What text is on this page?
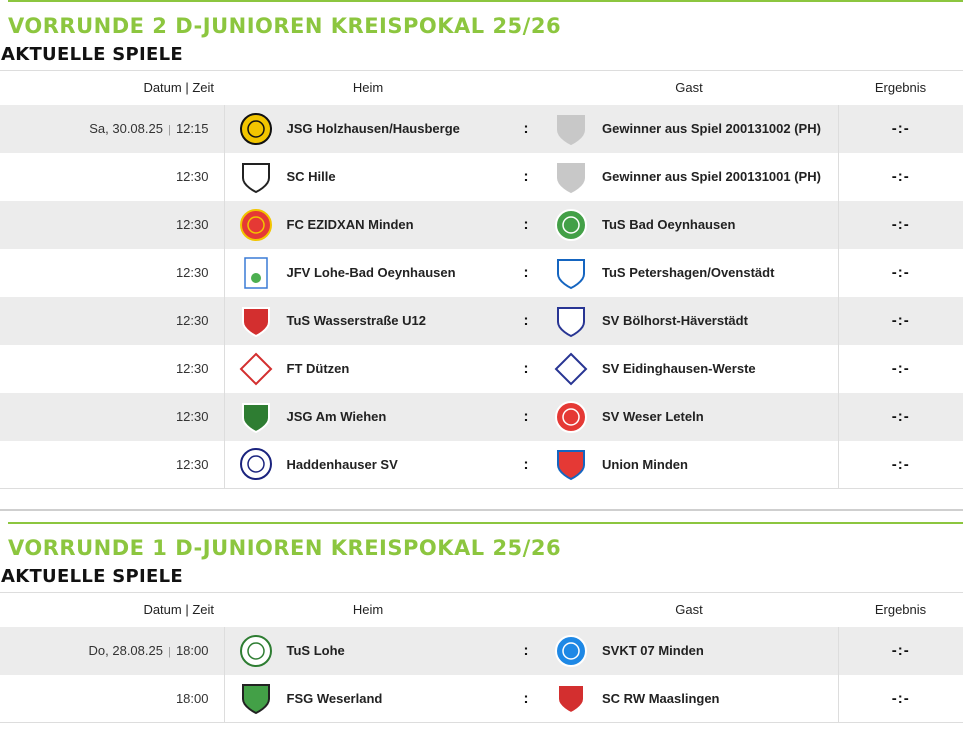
VORRUNDE 2 D-JUNIOREN KREISPOKAL 25/26
AKTUELLE SPIELE
Datum | Zeit	Heim		Gast	Ergebnis
Sa, 30.08.25 | 12:15	JSG Holzhausen/Hausberge	:	Gewinner aus Spiel 200131002 (PH)	-:-
12:30	SC Hille	:	Gewinner aus Spiel 200131001 (PH)	-:-
12:30	FC EZIDXAN Minden	:	TuS Bad Oeynhausen	-:-
12:30	JFV Lohe-Bad Oeynhausen	:	TuS Petershagen/Ovenstädt	-:-
12:30	TuS Wasserstraße U12	:	SV Bölhorst-Häverstädt	-:-
12:30	FT Dützen	:	SV Eidinghausen-Werste	-:-
12:30	JSG Am Wiehen	:	SV Weser Leteln	-:-
12:30	Haddenhauser SV	:	Union Minden	-:-
VORRUNDE 1 D-JUNIOREN KREISPOKAL 25/26
AKTUELLE SPIELE
Datum | Zeit	Heim		Gast	Ergebnis
Do, 28.08.25 | 18:00	TuS Lohe	:	SVKT 07 Minden	-:-
18:00	FSG Weserland	:	SC RW Maaslingen	-:-
